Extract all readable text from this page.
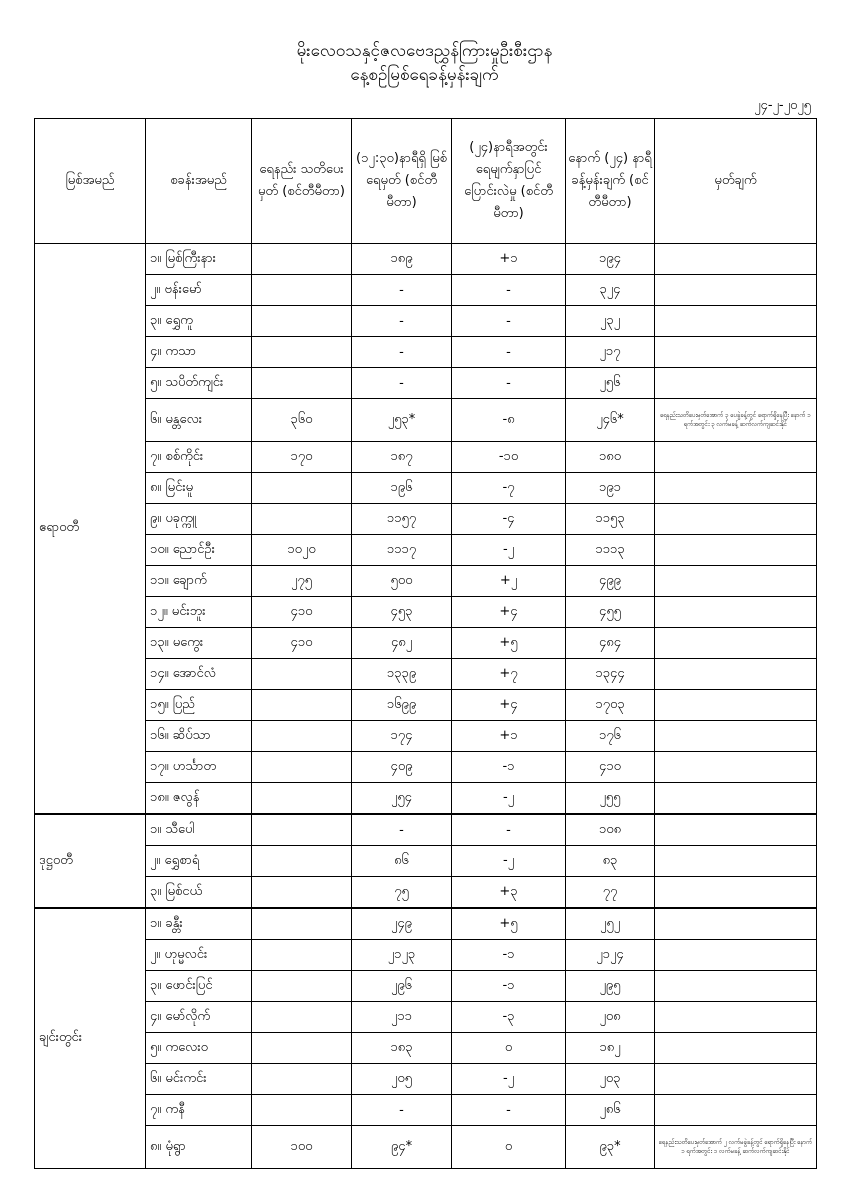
မိုးလေဝသနှင့်ဇလဗေဒညွှန်ကြားမှုဦးစီးဌာန
နေ့စဉ်မြစ်ရေခန့်မှန်းချက်
၂၄-၂-၂၀၂၅
မြစ်အမည်	စခန်းအမည်	ရေနည်း သတိပေးမှတ် (စင်တီမီတာ)	(၁၂:၃၀)နာရီရှိ မြစ်ရေမှတ် (စင်တီမီတာ)	(၂၄)နာရီအတွင်း ရေမျက်နှာပြင် ပြောင်းလဲမှု (စင်တီမီတာ)	နောက် (၂၄) နာရီ ခန့်မှန်းချက် (စင်တီမီတာ)	မှတ်ချက်
ဧရာဝတီ	၁။ မြစ်ကြီးနား		၁၈၉	+၁	၁၉၄	
	၂။ ဗန်းမော်		-	-	၃၂၄	
	၃။ ရွှေကူ		-	-	၂၃၂	
	၄။ ကသာ		-	-	၂၁၇	
	၅။ သပိတ်ကျင်း		-	-	၂၅၆	
	၆။ မန္တလေး	၃၆၀	၂၅၃*	-၈	၂၄၆*	ရေနည်းသတိပေးမှတ်အောက် ၃ ပေခွဲခန့်တွင် ရောက်ရှိနေပြီး နောက် ၁ ရက်အတွင်း ၃ လက်မခန့် ဆက်လက်ကျဆင်းနိုင်
	၇။ စစ်ကိုင်း	၁၇၀	၁၈၇	-၁၀	၁၈၀	
	၈။ မြင်းမူ		၁၉၆	-၇	၁၉၁	
	၉။ ပခုက္ကူ		၁၁၅၇	-၄	၁၁၅၃	
	၁၀။ ညောင်ဦး	၁၀၂၀	၁၁၁၇	-၂	၁၁၁၃	
	၁၁။ ချောက်	၂၇၅	၅၀၀	+၂	၄၉၉	
	၁၂။ မင်းဘူး	၄၁၀	၄၅၃	+၄	၄၅၅	
	၁၃။ မကွေး	၄၁၀	၄၈၂	+၅	၄၈၄	
	၁၄။ အောင်လံ		၁၃၃၉	+၇	၁၃၄၄	
	၁၅။ ပြည်		၁၆၉၉	+၄	၁၇၀၃	
	၁၆။ ဆိပ်သာ		၁၇၄	+၁	၁၇၆	
	၁၇။ ဟင်္သာတ		၄၀၉	-၁	၄၁၀	
	၁၈။ ဇလွန်		၂၅၄	-၂	၂၅၅	
ဒုဋ္ဌဝတီ	၁။ သီပေါ		-	-	၁၀၈	
	၂။ ရွှေစာရံ		၈၆	-၂	၈၃	
	၃။ မြစ်ငယ်		၇၅	+၃	၇၇	
ချင်းတွင်း	၁။ ခန္တီး		၂၄၉	+၅	၂၅၂	
	၂။ ဟုမ္မလင်း		၂၁၂၃	-၁	၂၁၂၄	
	၃။ ဖောင်းပြင်		၂၉၆	-၁	၂၉၅	
	၄။ မော်လိုက်		၂၁၁	-၃	၂၀၈	
	၅။ ကလေးဝ		၁၈၃	၀	၁၈၂	
	၆။ မင်းကင်း		၂၀၅	-၂	၂၀၃	
	၇။ ကနီ		-	-	၂၈၆	
	၈။ မုံရွာ	၁၀၀	၉၄*	၀	၉၃*	ရေနည်းသတိပေးမှတ်အောက် ၂ လက်မခွဲခန့်တွင် ရောက်ရှိနေပြီး နောက် ၁ ရက်အတွင်း ၁ လက်မခန့် ဆက်လက်ကျဆင်းနိုင်
